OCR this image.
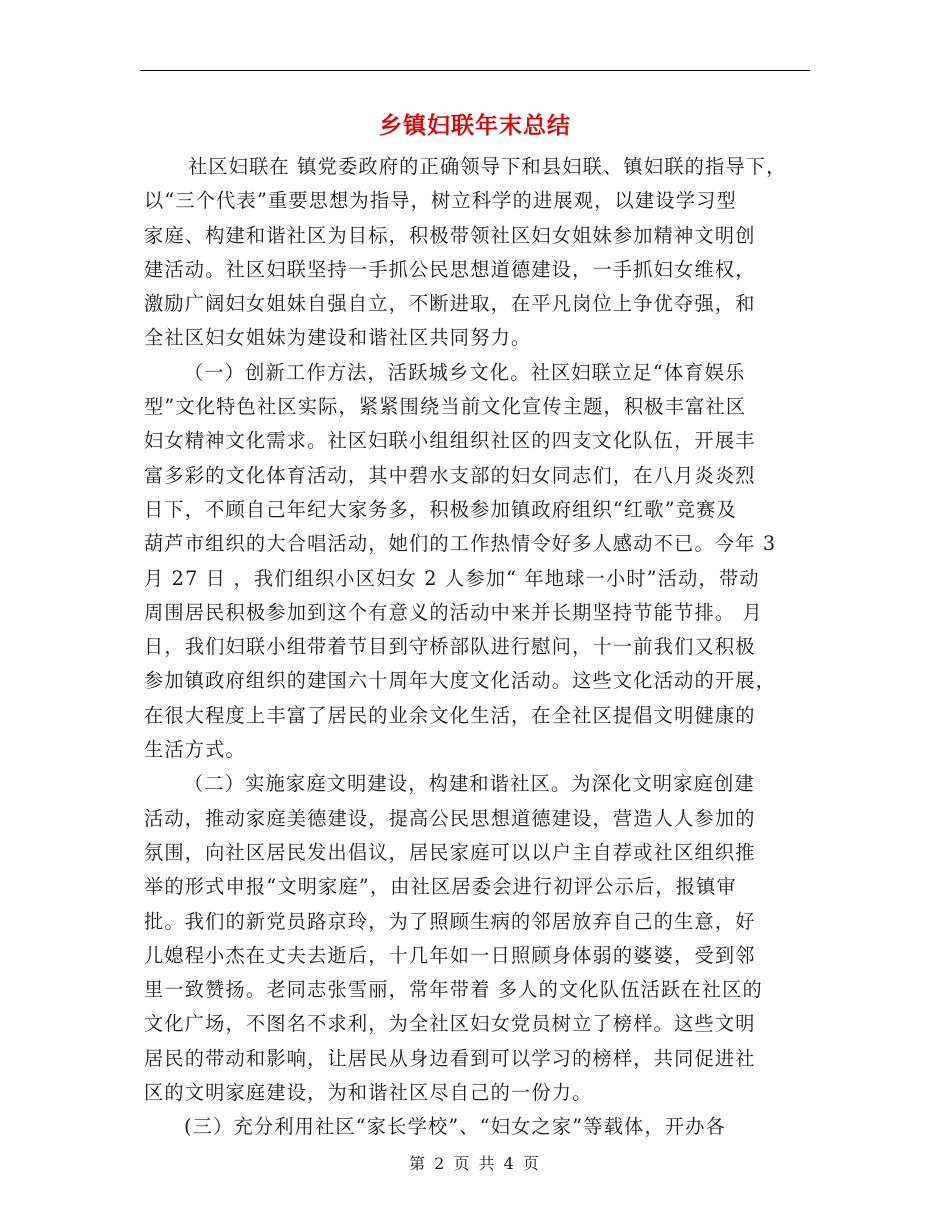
乡镇妇联年末总结
社区妇联在 镇党委政府的正确领导下和县妇联、镇妇联的指导下，
以“三个代表”重要思想为指导，树立科学的进展观，以建设学习型
家庭、构建和谐社区为目标，积极带领社区妇女姐妹参加精神文明创
建活动。社区妇联坚持一手抓公民思想道德建设，一手抓妇女维权，
激励广阔妇女姐妹自强自立，不断进取，在平凡岗位上争优夺强，和
全社区妇女姐妹为建设和谐社区共同努力。
（一）创新工作方法，活跃城乡文化。社区妇联立足“体育娱乐
型”文化特色社区实际，紧紧围绕当前文化宣传主题，积极丰富社区
妇女精神文化需求。社区妇联小组组织社区的四支文化队伍，开展丰
富多彩的文化体育活动，其中碧水支部的妇女同志们，在八月炎炎烈
日下，不顾自己年纪大家务多，积极参加镇政府组织“红歌”竞赛及
葫芦市组织的大合唱活动，她们的工作热情令好多人感动不已。今年 3
月 27 日 ，我们组织小区妇女 2 人参加“ 年地球一小时”活动，带动
周围居民积极参加到这个有意义的活动中来并长期坚持节能节排。 月
日，我们妇联小组带着节目到守桥部队进行慰问，十一前我们又积极
参加镇政府组织的建国六十周年大度文化活动。这些文化活动的开展，
在很大程度上丰富了居民的业余文化生活，在全社区提倡文明健康的
生活方式。
（二）实施家庭文明建设，构建和谐社区。为深化文明家庭创建
活动，推动家庭美德建设，提高公民思想道德建设，营造人人参加的
氛围，向社区居民发出倡议，居民家庭可以以户主自荐或社区组织推
举的形式申报“文明家庭”，由社区居委会进行初评公示后，报镇审
批。我们的新党员路京玲，为了照顾生病的邻居放弃自己的生意，好
儿媳程小杰在丈夫去逝后，十几年如一日照顾身体弱的婆婆，受到邻
里一致赞扬。老同志张雪丽，常年带着 多人的文化队伍活跃在社区的
文化广场，不图名不求利，为全社区妇女党员树立了榜样。这些文明
居民的带动和影响，让居民从身边看到可以学习的榜样，共同促进社
区的文明家庭建设，为和谐社区尽自己的一份力。
(三）充分利用社区“家长学校”、“妇女之家”等载体，开办各
第 2 页 共 4 页
